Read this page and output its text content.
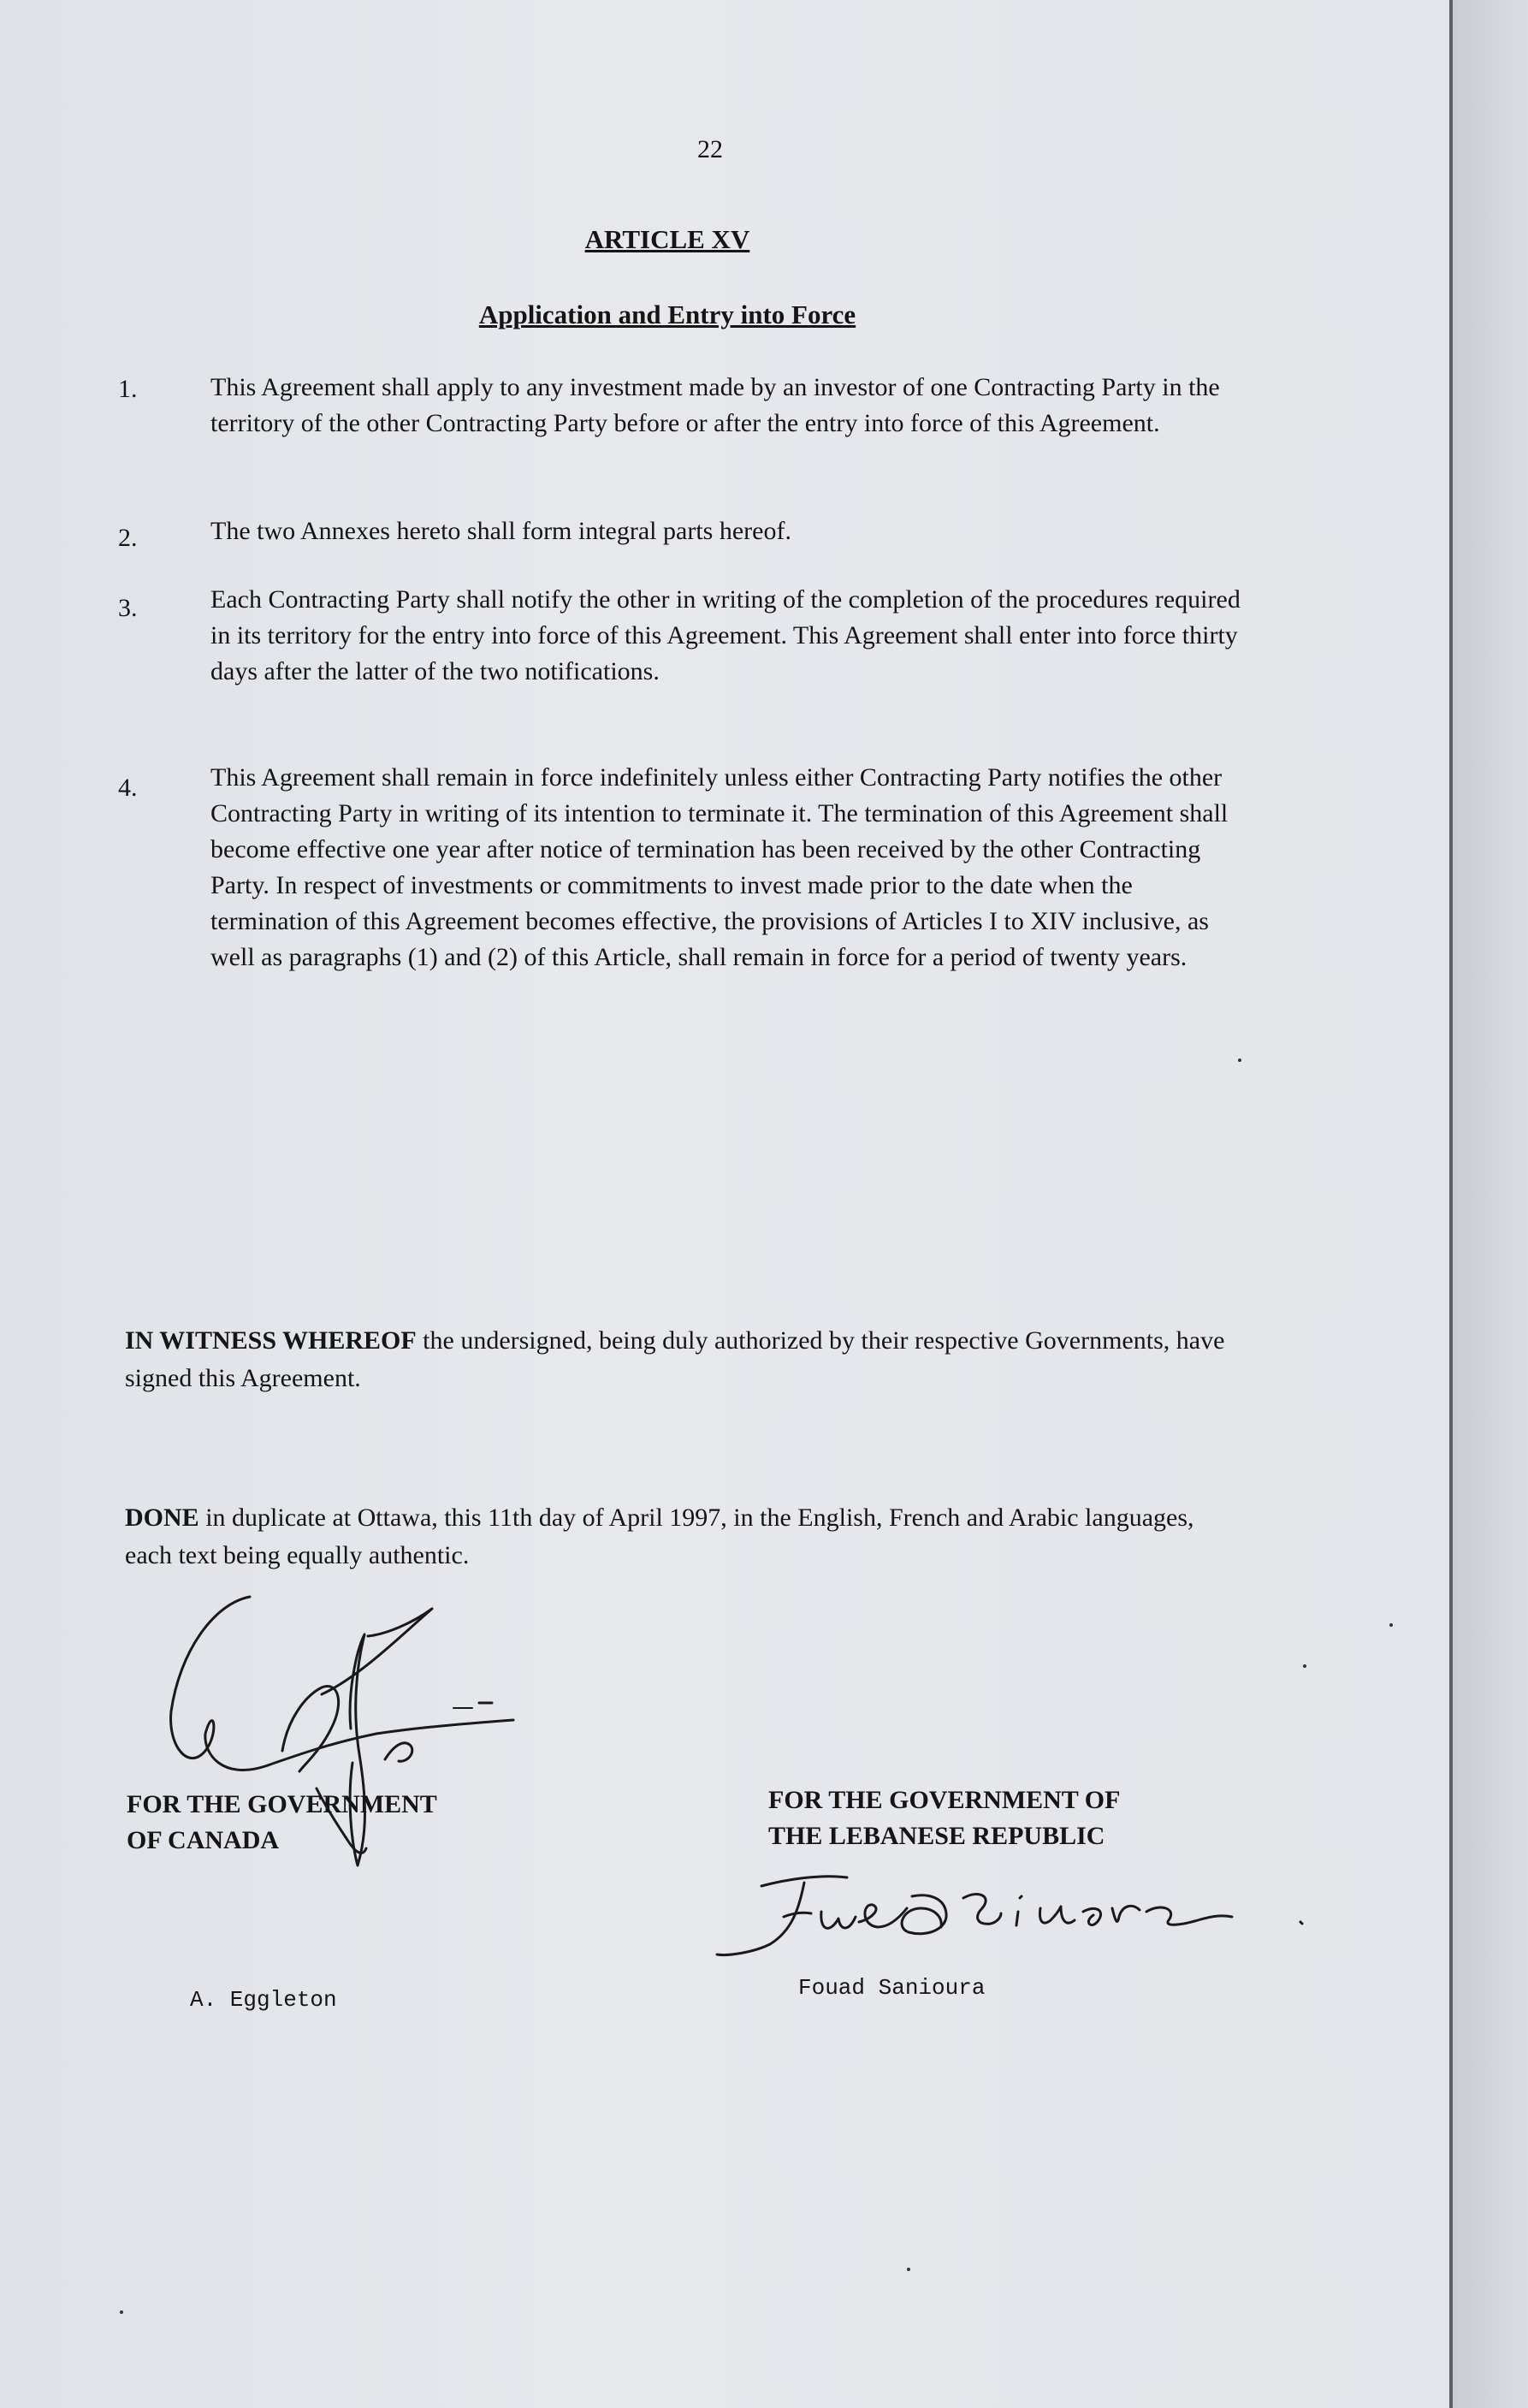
22
ARTICLE XV
Application and Entry into Force
1.	This Agreement shall apply to any investment made by an investor of one Contracting Party in the territory of the other Contracting Party before or after the entry into force of this Agreement.
2.	The two Annexes hereto shall form integral parts hereof.
3.	Each Contracting Party shall notify the other in writing of the completion of the procedures required in its territory for the entry into force of this Agreement. This Agreement shall enter into force thirty days after the latter of the two notifications.
4.	This Agreement shall remain in force indefinitely unless either Contracting Party notifies the other Contracting Party in writing of its intention to terminate it. The termination of this Agreement shall become effective one year after notice of termination has been received by the other Contracting Party. In respect of investments or commitments to invest made prior to the date when the termination of this Agreement becomes effective, the provisions of Articles I to XIV inclusive, as well as paragraphs (1) and (2) of this Article, shall remain in force for a period of twenty years.
IN WITNESS WHEREOF the undersigned, being duly authorized by their respective Governments, have signed this Agreement.
DONE in duplicate at Ottawa, this 11th day of April 1997, in the English, French and Arabic languages, each text being equally authentic.
FOR THE GOVERNMENT
OF CANADA
A. Eggleton
FOR THE GOVERNMENT OF
THE LEBANESE REPUBLIC
Fouad Sanioura
